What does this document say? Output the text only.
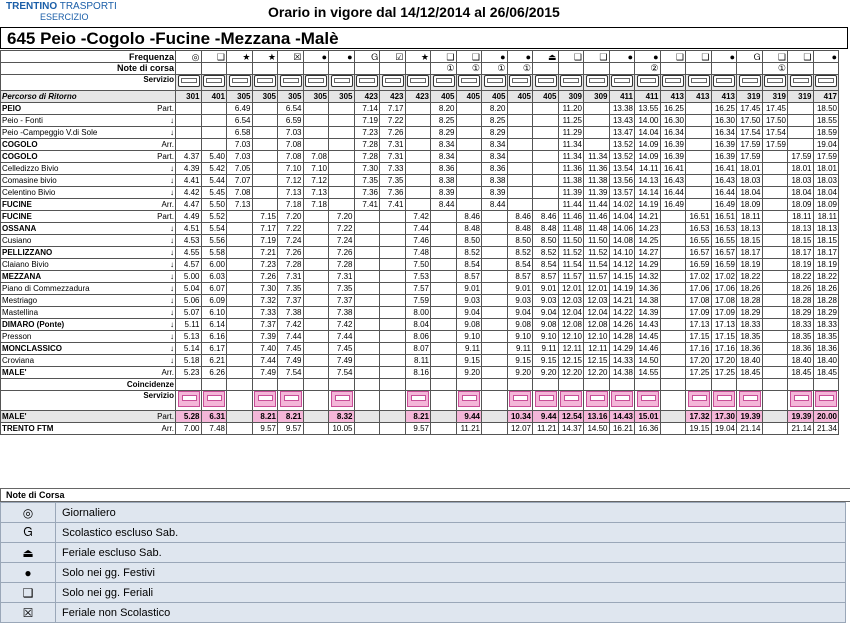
TRENTINO TRASPORTI
ESERCIZIO	Orario in vigore dal 14/12/2014 al 26/06/2015
645 Peio -Cogolo -Fucine -Mezzana -Malè
Frequenza	◎	❑	★	★	☒	●	●	Ꮐ	☑	★	❑	❑	●	●	⏏	❑	❑	●	●	❑	❑	●	Ꮐ	❑	❑	●
Note di corsa											①	①	①	①					②					①		
Servizio																										
Percorso di Ritorno	301	401	305	305	305	305	305	423	423	423	405	405	405	405	405	309	309	411	411	413	413	413	319	319	319	417
PEIO Part.			6.49		6.54			7.14	7.17		8.20		8.20			11.20		13.38	13.55	16.25		16.25	17.45	17.45		18.50
Peio - Fonti ↓			6.54		6.59			7.19	7.22		8.25		8.25			11.25		13.43	14.00	16.30		16.30	17.50	17.50		18.55
Peio -Campeggio V.di Sole ↓			6.58		7.03			7.23	7.26		8.29		8.29			11.29		13.47	14.04	16.34		16.34	17.54	17.54		18.59
COGOLO Arr.			7.03		7.08			7.28	7.31		8.34		8.34			11.34		13.52	14.09	16.39		16.39	17.59	17.59		19.04
COGOLO Part.	4.37	5.40	7.03		7.08	7.08		7.28	7.31		8.34		8.34			11.34	11.34	13.52	14.09	16.39		16.39	17.59		17.59	17.59
Celledizzo Bivio ↓	4.39	5.42	7.05		7.10	7.10		7.30	7.33		8.36		8.36			11.36	11.36	13.54	14.11	16.41		16.41	18.01		18.01	18.01
Comasine bivio ↓	4.41	5.44	7.07		7.12	7.12		7.35	7.35		8.38		8.38			11.38	11.38	13.56	14.13	16.43		16.43	18.03		18.03	18.03
Celentino Bivio ↓	4.42	5.45	7.08		7.13	7.13		7.36	7.36		8.39		8.39			11.39	11.39	13.57	14.14	16.44		16.44	18.04		18.04	18.04
FUCINE Arr.	4.47	5.50	7.13		7.18	7.18		7.41	7.41		8.44		8.44			11.44	11.44	14.02	14.19	16.49		16.49	18.09		18.09	18.09
FUCINE Part.	4.49	5.52		7.15	7.20		7.20			7.42		8.46		8.46	8.46	11.46	11.46	14.04	14.21		16.51	16.51	18.11		18.11	18.11
OSSANA ↓	4.51	5.54		7.17	7.22		7.22			7.44		8.48		8.48	8.48	11.48	11.48	14.06	14.23		16.53	16.53	18.13		18.13	18.13
Cusiano ↓	4.53	5.56		7.19	7.24		7.24			7.46		8.50		8.50	8.50	11.50	11.50	14.08	14.25		16.55	16.55	18.15		18.15	18.15
PELLIZZANO ↓	4.55	5.58		7.21	7.26		7.26			7.48		8.52		8.52	8.52	11.52	11.52	14.10	14.27		16.57	16.57	18.17		18.17	18.17
Claiano Bivio ↓	4.57	6.00		7.23	7.28		7.28			7.50		8.54		8.54	8.54	11.54	11.54	14.12	14.29		16.59	16.59	18.19		18.19	18.19
MEZZANA ↓	5.00	6.03		7.26	7.31		7.31			7.53		8.57		8.57	8.57	11.57	11.57	14.15	14.32		17.02	17.02	18.22		18.22	18.22
Piano di Commezzadura ↓	5.04	6.07		7.30	7.35		7.35			7.57		9.01		9.01	9.01	12.01	12.01	14.19	14.36		17.06	17.06	18.26		18.26	18.26
Mestriago ↓	5.06	6.09		7.32	7.37		7.37			7.59		9.03		9.03	9.03	12.03	12.03	14.21	14.38		17.08	17.08	18.28		18.28	18.28
Mastellina ↓	5.07	6.10		7.33	7.38		7.38			8.00		9.04		9.04	9.04	12.04	12.04	14.22	14.39		17.09	17.09	18.29		18.29	18.29
DIMARO (Ponte) ↓	5.11	6.14		7.37	7.42		7.42			8.04		9.08		9.08	9.08	12.08	12.08	14.26	14.43		17.13	17.13	18.33		18.33	18.33
Presson ↓	5.13	6.16		7.39	7.44		7.44			8.06		9.10		9.10	9.10	12.10	12.10	14.28	14.45		17.15	17.15	18.35		18.35	18.35
MONCLASSICO ↓	5.14	6.17		7.40	7.45		7.45			8.07		9.11		9.11	9.11	12.11	12.11	14.29	14.46		17.16	17.16	18.36		18.36	18.36
Croviana ↓	5.18	6.21		7.44	7.49		7.49			8.11		9.15		9.15	9.15	12.15	12.15	14.33	14.50		17.20	17.20	18.40		18.40	18.40
MALE' Arr.	5.23	6.26		7.49	7.54		7.54			8.16		9.20		9.20	9.20	12.20	12.20	14.38	14.55		17.25	17.25	18.45		18.45	18.45
Coincidenze																										
Servizio																										
MALE' Part.	5.28	6.31		8.21	8.21		8.32			8.21		9.44		10.34	9.44	12.54	13.16	14.43	15.01		17.32	17.30	19.39		19.39	20.00
TRENTO FTM Arr.	7.00	7.48		9.57	9.57		10.05			9.57		11.21		12.07	11.21	14.37	14.50	16.21	16.36		19.15	19.04	21.14		21.14	21.34
Note di Corsa
◎	Giornaliero
Ꮐ	Scolastico escluso Sab.
⏏	Feriale escluso Sab.
●	Solo nei gg. Festivi
❑	Solo nei gg. Feriali
☒	Feriale non Scolastico
